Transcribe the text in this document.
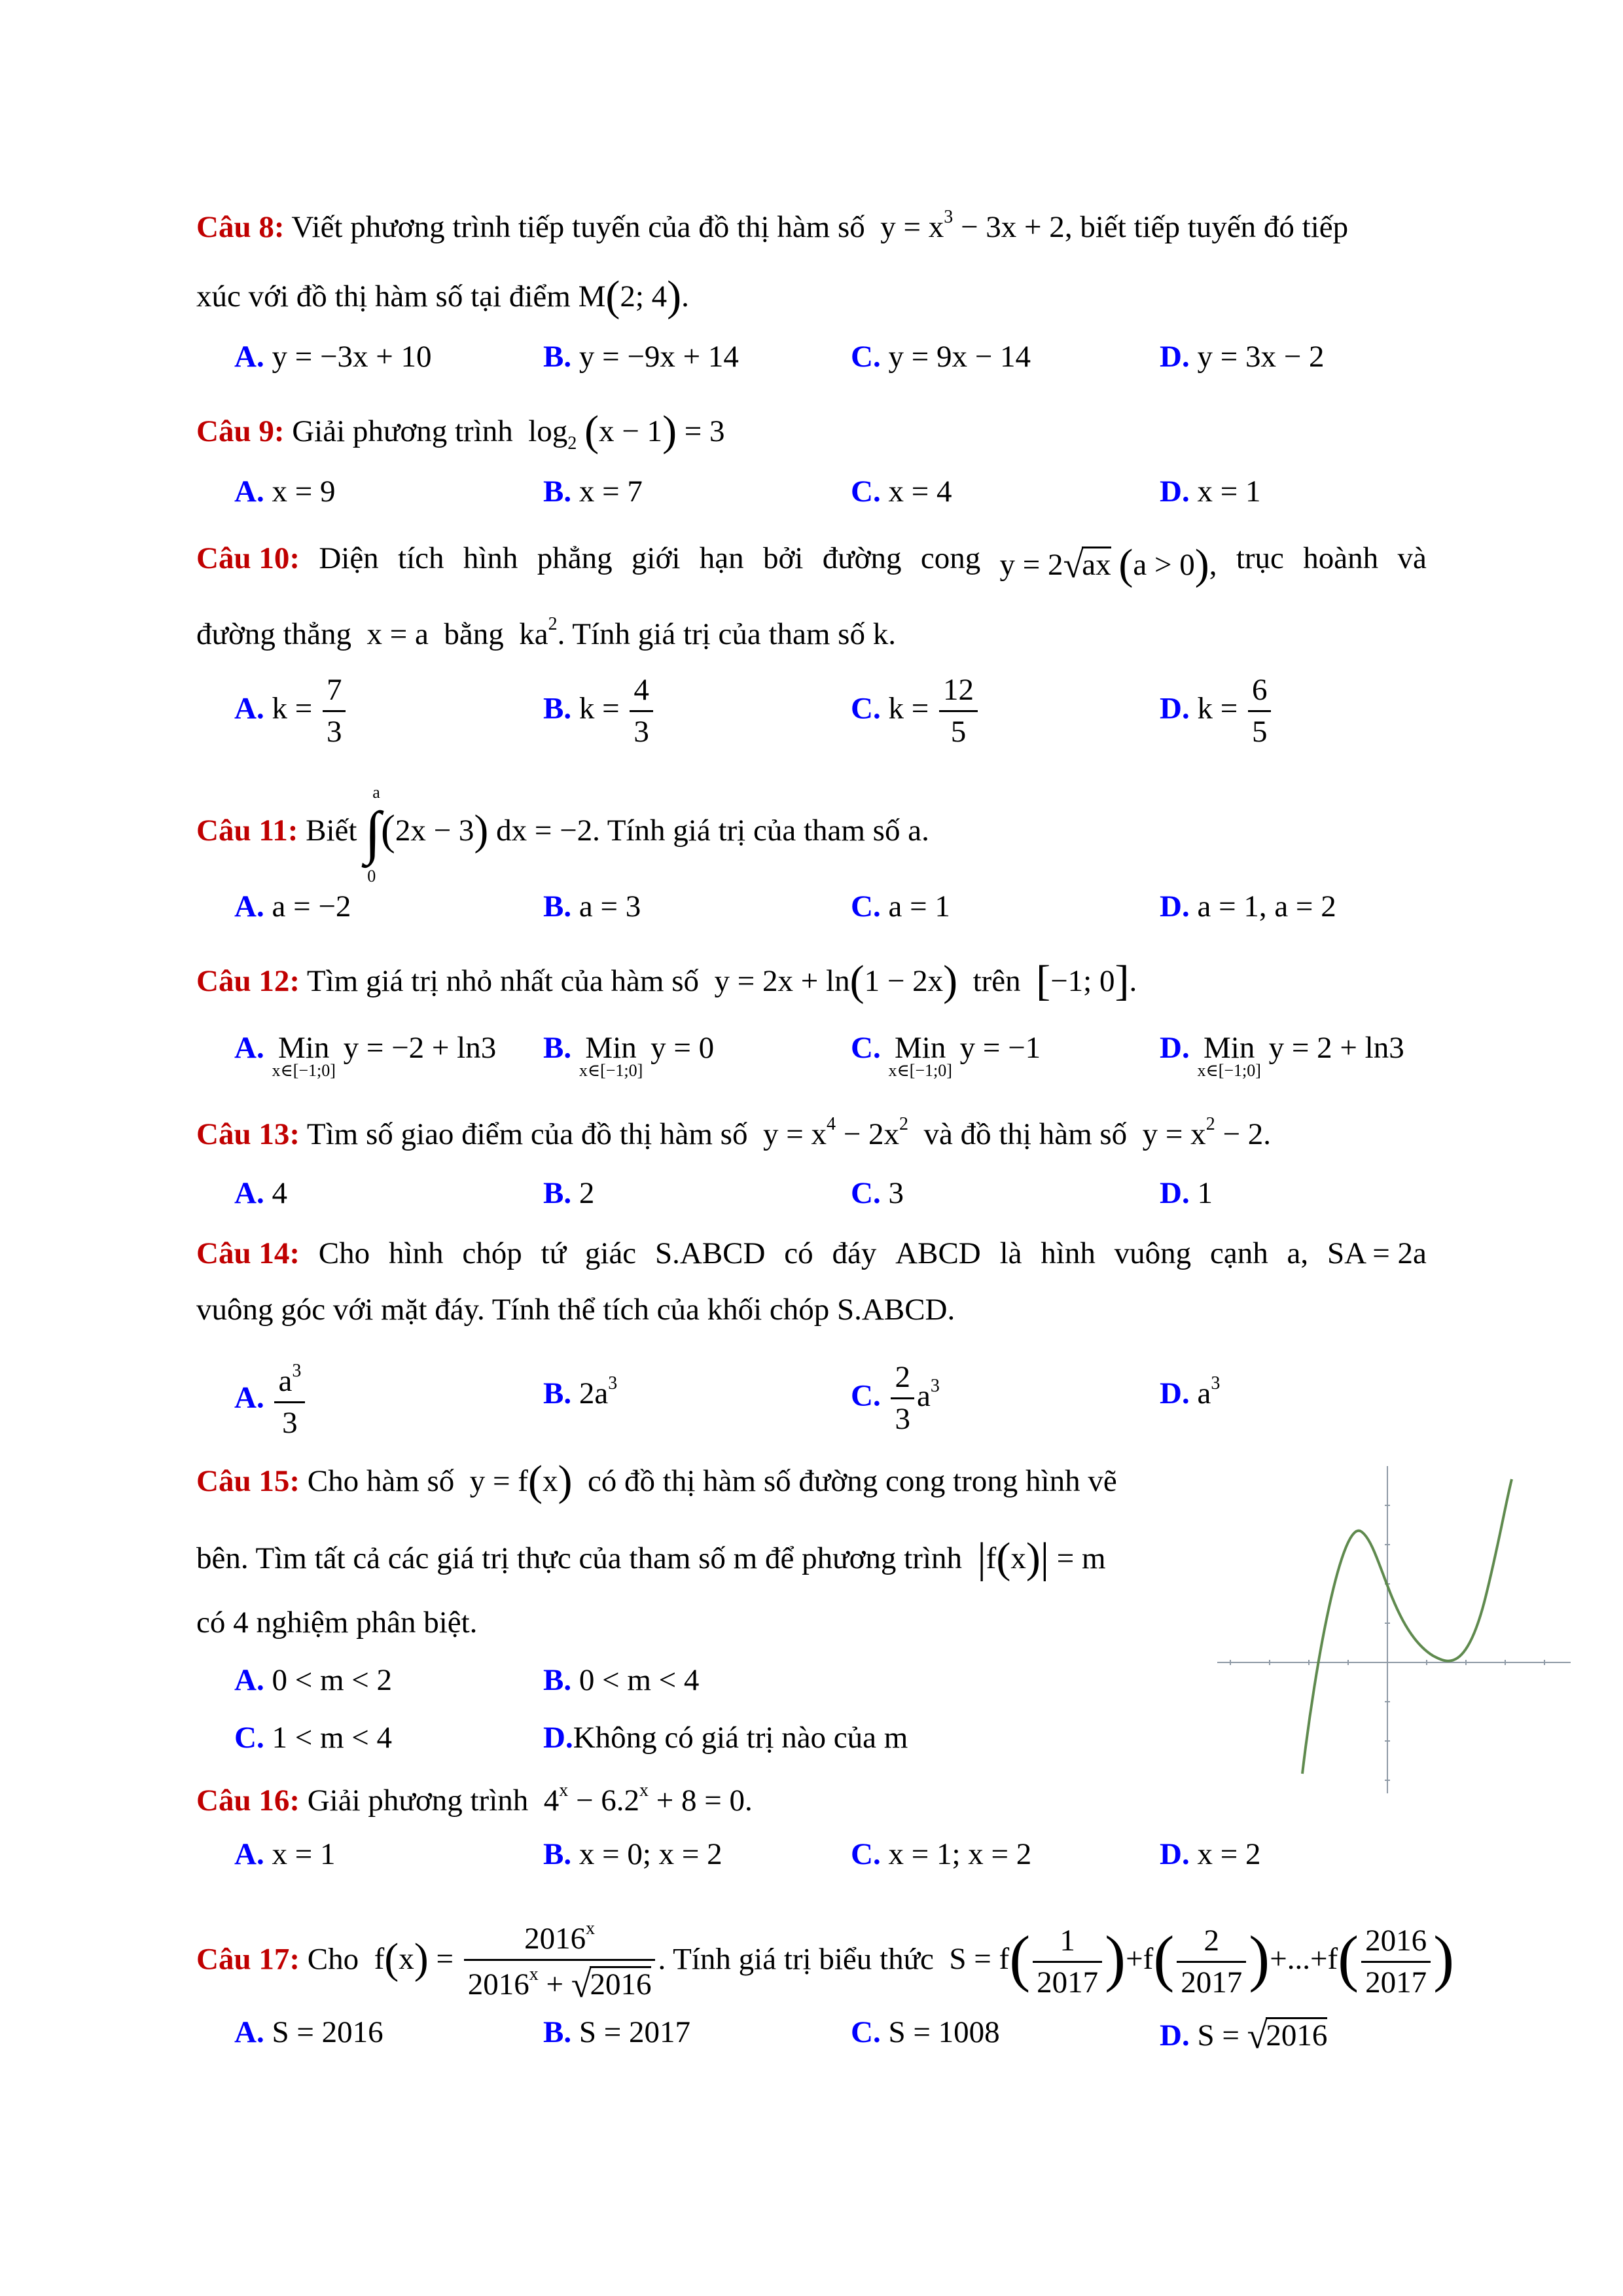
Câu 8: Viết phương trình tiếp tuyến của đồ thị hàm số  $y = x^3 - 3x + 2$, biết tiếp tuyến đó tiếp
xúc với đồ thị hàm số tại điểm M(2; 4).
A. y = −3x + 10	B. y = −9x + 14	C. y = 9x − 14	D. y = 3x − 2
Câu 9: Giải phương trình  $\log_2 (x - 1) = 3$
A. x = 9	B. x = 7	C. x = 4	D. x = 1
Câu 10: Diện tích hình phẳng giới hạn bởi đường cong y = 2√ax (a > 0), trục hoành và
đường thẳng  x = a  bằng  $ka^2$. Tính giá trị của tham số k.
A. $k = \frac{7}{3}$	B. $k = \frac{4}{3}$	C. $k = \frac{12}{5}$	D. $k = \frac{6}{5}$
Câu 11: Biết
a
∫
0
(2x − 3) dx = −2. Tính giá trị của tham số a.
A. a = −2	B. a = 3	C. a = 1	D. a = 1, a = 2
Câu 12: Tìm giá trị nhỏ nhất của hàm số  y = 2x + ln(1 − 2x) trên [−1; 0].
A. Min
x∈[−1;0]
y = −2 + ln3 B. Min
x∈[−1;0]
y = 0	C. Min
x∈[−1;0]
y = −1	D. Min
x∈[−1;0]
y = 2 + ln3
Câu 13: Tìm số giao điểm của đồ thị hàm số  $y = x^4 - 2x^2$ và đồ thị hàm số  $y = x^2 - 2$.
A. 4	B. 2	C. 3	D. 1
Câu 14: Cho hình chóp tứ giác S.ABCD có đáy ABCD là hình vuông cạnh a, SA = 2a
vuông góc với mặt đáy. Tính thể tích của khối chóp S.ABCD.
A. $\frac{a^3}{3}$	B. $2a^3$	C. $\frac{2}{3} a^3$	D. $a^3$
Câu 15: Cho hàm số  y = f(x) có đồ thị hàm số đường cong trong hình vẽ
bên. Tìm tất cả các giá trị thực của tham số m để phương trình |f(x)| = m
có 4 nghiệm phân biệt.
A. 0 < m < 2	B. 0 < m < 4
C. 1 < m < 4	D.Không có giá trị nào của m
Câu 16: Giải phương trình  $4^x - 6.2^x + 8 = 0$.
A. x = 1	B. x = 0; x = 2	C. x = 1; x = 2	D. x = 2
Câu 17: Cho  $f(x) = \frac{2016^x}{2016^x + √2016}$ . Tính giá trị biểu thức  $S = f( \frac{1}{2017} )+f( \frac{2}{2017} )+...+f( \frac{2016}{2017}$ )
A. S = 2016	B. S = 2017	C. S = 1008	D. S = √2016
